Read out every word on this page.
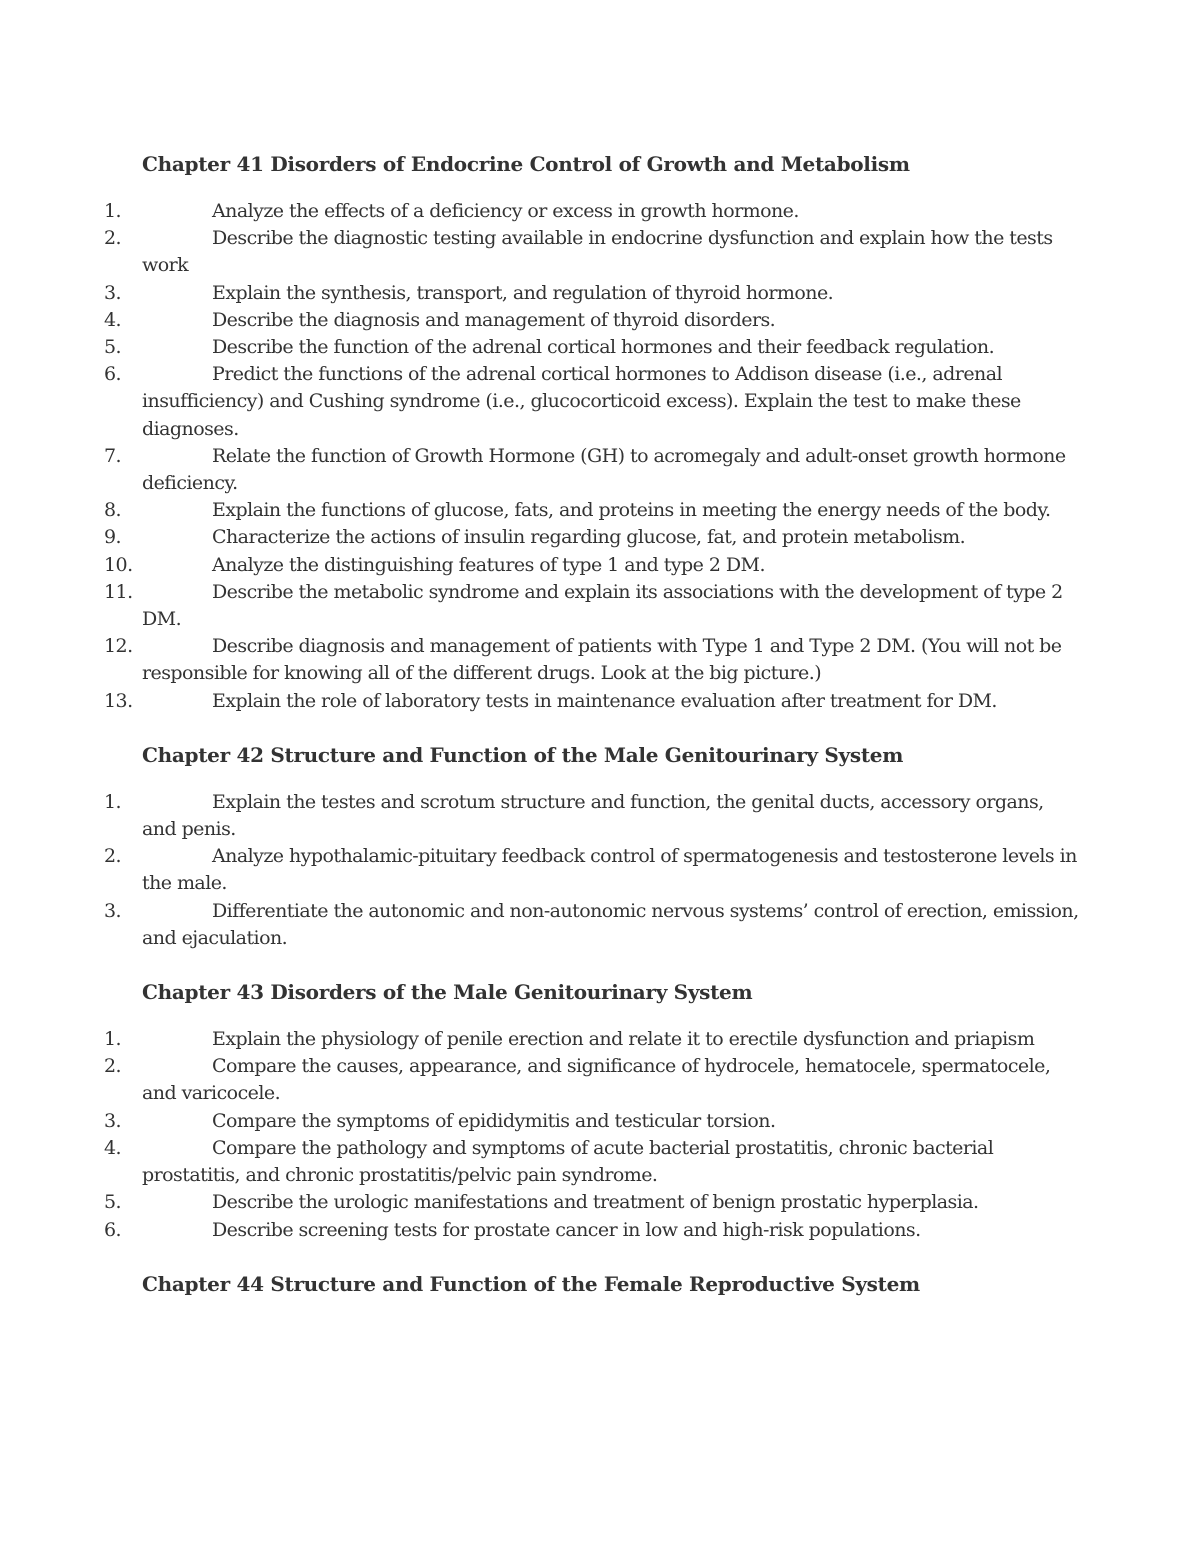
Chapter 41 Disorders of Endocrine Control of Growth and Metabolism
1.	Analyze the effects of a deficiency or excess in growth hormone.
2.	Describe the diagnostic testing available in endocrine dysfunction and explain how the tests work
3.	Explain the synthesis, transport, and regulation of thyroid hormone.
4.	Describe the diagnosis and management of thyroid disorders.
5.	Describe the function of the adrenal cortical hormones and their feedback regulation.
6.	Predict the functions of the adrenal cortical hormones to Addison disease (i.e., adrenal insufficiency) and Cushing syndrome (i.e., glucocorticoid excess). Explain the test to make these diagnoses.
7.	Relate the function of Growth Hormone (GH) to acromegaly and adult-onset growth hormone deficiency.
8.	Explain the functions of glucose, fats, and proteins in meeting the energy needs of the body.
9.	Characterize the actions of insulin regarding glucose, fat, and protein metabolism.
10.	Analyze the distinguishing features of type 1 and type 2 DM.
11.	Describe the metabolic syndrome and explain its associations with the development of type 2 DM.
12.	Describe diagnosis and management of patients with Type 1 and Type 2 DM. (You will not be responsible for knowing all of the different drugs. Look at the big picture.)
13.	Explain the role of laboratory tests in maintenance evaluation after treatment for DM.
Chapter 42 Structure and Function of the Male Genitourinary System
1.	Explain the testes and scrotum structure and function, the genital ducts, accessory organs, and penis.
2.	Analyze hypothalamic-pituitary feedback control of spermatogenesis and testosterone levels in the male.
3.	Differentiate the autonomic and non-autonomic nervous systems’ control of erection, emission, and ejaculation.
Chapter 43 Disorders of the Male Genitourinary System
1.	Explain the physiology of penile erection and relate it to erectile dysfunction and priapism
2.	Compare the causes, appearance, and significance of hydrocele, hematocele, spermatocele, and varicocele.
3.	Compare the symptoms of epididymitis and testicular torsion.
4.	Compare the pathology and symptoms of acute bacterial prostatitis, chronic bacterial prostatitis, and chronic prostatitis/pelvic pain syndrome.
5.	Describe the urologic manifestations and treatment of benign prostatic hyperplasia.
6.	Describe screening tests for prostate cancer in low and high-risk populations.
Chapter 44 Structure and Function of the Female Reproductive System
